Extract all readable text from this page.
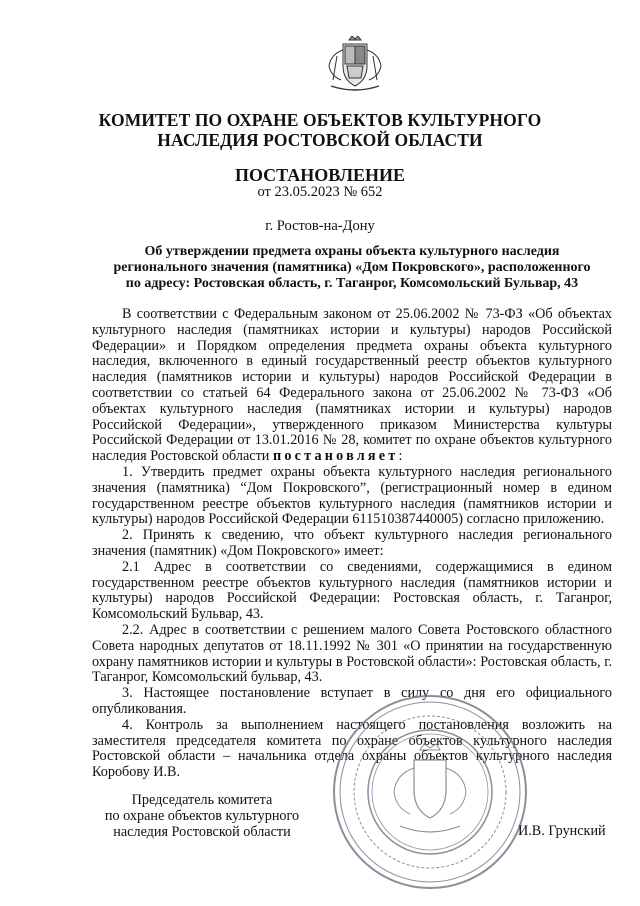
КОМИТЕТ ПО ОХРАНЕ ОБЪЕКТОВ КУЛЬТУРНОГО
НАСЛЕДИЯ РОСТОВСКОЙ ОБЛАСТИ
ПОСТАНОВЛЕНИЕ
от 23.05.2023 № 652
г. Ростов-на-Дону
Об утверждении предмета охраны объекта культурного наследия
регионального значения (памятника) «Дом Покровского», расположенного
по адресу: Ростовская область, г. Таганрог, Комсомольский Бульвар, 43

В соответствии с Федеральным законом от 25.06.2002 № 73-ФЗ «Об объектах культурного наследия (памятниках истории и культуры) народов Российской Федерации» и Порядком определения предмета охраны объекта культурного наследия, включенного в единый государственный реестр объектов культурного наследия (памятников истории и культуры) народов Российской Федерации в соответствии со статьей 64 Федерального закона от 25.06.2002 № 73-ФЗ «Об объектах культурного наследия (памятниках истории и культуры) народов Российской Федерации», утвержденного приказом Министерства культуры Российской Федерации от 13.01.2016 № 28, комитет по охране объектов культурного наследия Ростовской области постановляет:

1. Утвердить предмет охраны объекта культурного наследия регионального значения (памятника) “Дом Покровского”, (регистрационный номер в едином государственном реестре объектов культурного наследия (памятников истории и культуры) народов Российской Федерации 611510387440005) согласно приложению.

2. Принять к сведению, что объект культурного наследия регионального значения (памятник) «Дом Покровского» имеет:

2.1 Адрес в соответствии со сведениями, содержащимися в едином государственном реестре объектов культурного наследия (памятников истории и культуры) народов Российской Федерации: Ростовская область, г. Таганрог, Комсомольский Бульвар, 43.

2.2. Адрес в соответствии с решением малого Совета Ростовского областного Совета народных депутатов от 18.11.1992 № 301 «О принятии на государственную охрану памятников истории и культуры в Ростовской области»: Ростовская область, г. Таганрог, Комсомольский бульвар, 43.

3. Настоящее постановление вступает в силу со дня его официального опубликования.

4. Контроль за выполнением настоящего постановления возложить на заместителя председателя комитета по охране объектов культурного наследия Ростовской области – начальника отдела охраны объектов культурного наследия Коробову И.В.

Председатель комитета
по охране объектов культурного
наследия Ростовской области	И.В. Грунский
